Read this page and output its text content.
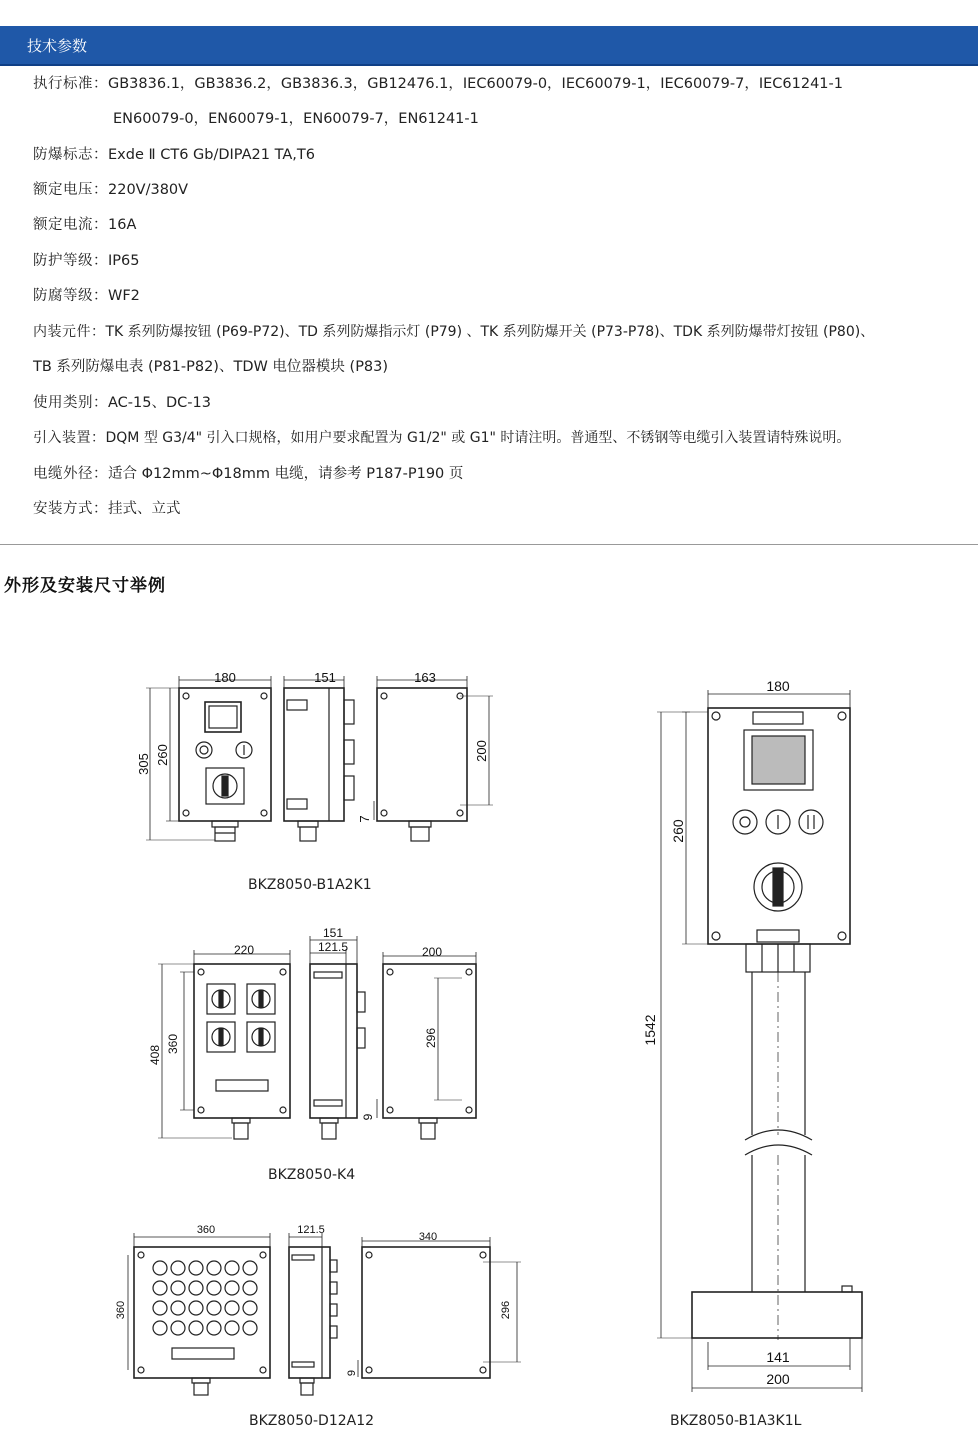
技术参数
执行标准：GB3836.1，GB3836.2，GB3836.3，GB12476.1，IEC60079-0，IEC60079-1，IEC60079-7，IEC61241-1
EN60079-0，EN60079-1，EN60079-7，EN61241-1
防爆标志：Exde Ⅱ CT6 Gb/DIPA21 TA,T6
额定电压：220V/380V
额定电流：16A
防护等级：IP65
防腐等级：WF2
内装元件：TK 系列防爆按钮 (P69-P72)、TD 系列防爆指示灯 (P79) 、TK 系列防爆开关 (P73-P78)、TDK 系列防爆带灯按钮 (P80)、
TB 系列防爆电表 (P81-P82)、TDW 电位器模块 (P83)
使用类别：AC-15、DC-13
引入装置：DQM 型 G3/4" 引入口规格，如用户要求配置为 G1/2" 或 G1" 时请注明。普通型、不锈钢等电缆引入装置请特殊说明。
电缆外径：适合 Φ12mm~Φ18mm 电缆，请参考 P187-P190 页
安装方式：挂式、立式
外形及安装尺寸举例
180
305 260
151	163
200
7
220
408
360
151
121.5	200
296
9
360
360
121.5
340
296
9
180
260
1542
141
200
BKZ8050-B1A2K1
BKZ8050-K4
BKZ8050-D12A12	BKZ8050-B1A3K1L
